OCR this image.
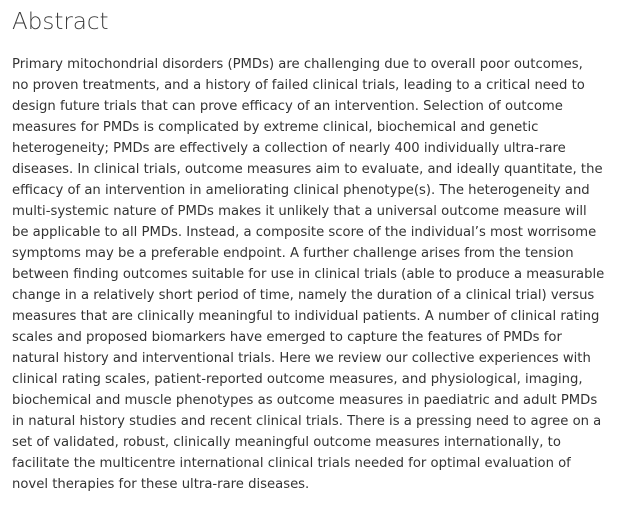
Abstract

Primary mitochondrial disorders (PMDs) are challenging due to overall poor outcomes,
no proven treatments, and a history of failed clinical trials, leading to a critical need to
design future trials that can prove efficacy of an intervention. Selection of outcome
measures for PMDs is complicated by extreme clinical, biochemical and genetic
heterogeneity; PMDs are effectively a collection of nearly 400 individually ultra-rare
diseases. In clinical trials, outcome measures aim to evaluate, and ideally quantitate, the
efficacy of an intervention in ameliorating clinical phenotype(s). The heterogeneity and
multi-systemic nature of PMDs makes it unlikely that a universal outcome measure will
be applicable to all PMDs. Instead, a composite score of the individual’s most worrisome
symptoms may be a preferable endpoint. A further challenge arises from the tension
between finding outcomes suitable for use in clinical trials (able to produce a measurable
change in a relatively short period of time, namely the duration of a clinical trial) versus
measures that are clinically meaningful to individual patients. A number of clinical rating
scales and proposed biomarkers have emerged to capture the features of PMDs for
natural history and interventional trials. Here we review our collective experiences with
clinical rating scales, patient-reported outcome measures, and physiological, imaging,
biochemical and muscle phenotypes as outcome measures in paediatric and adult PMDs
in natural history studies and recent clinical trials. There is a pressing need to agree on a
set of validated, robust, clinically meaningful outcome measures internationally, to
facilitate the multicentre international clinical trials needed for optimal evaluation of
novel therapies for these ultra-rare diseases.
